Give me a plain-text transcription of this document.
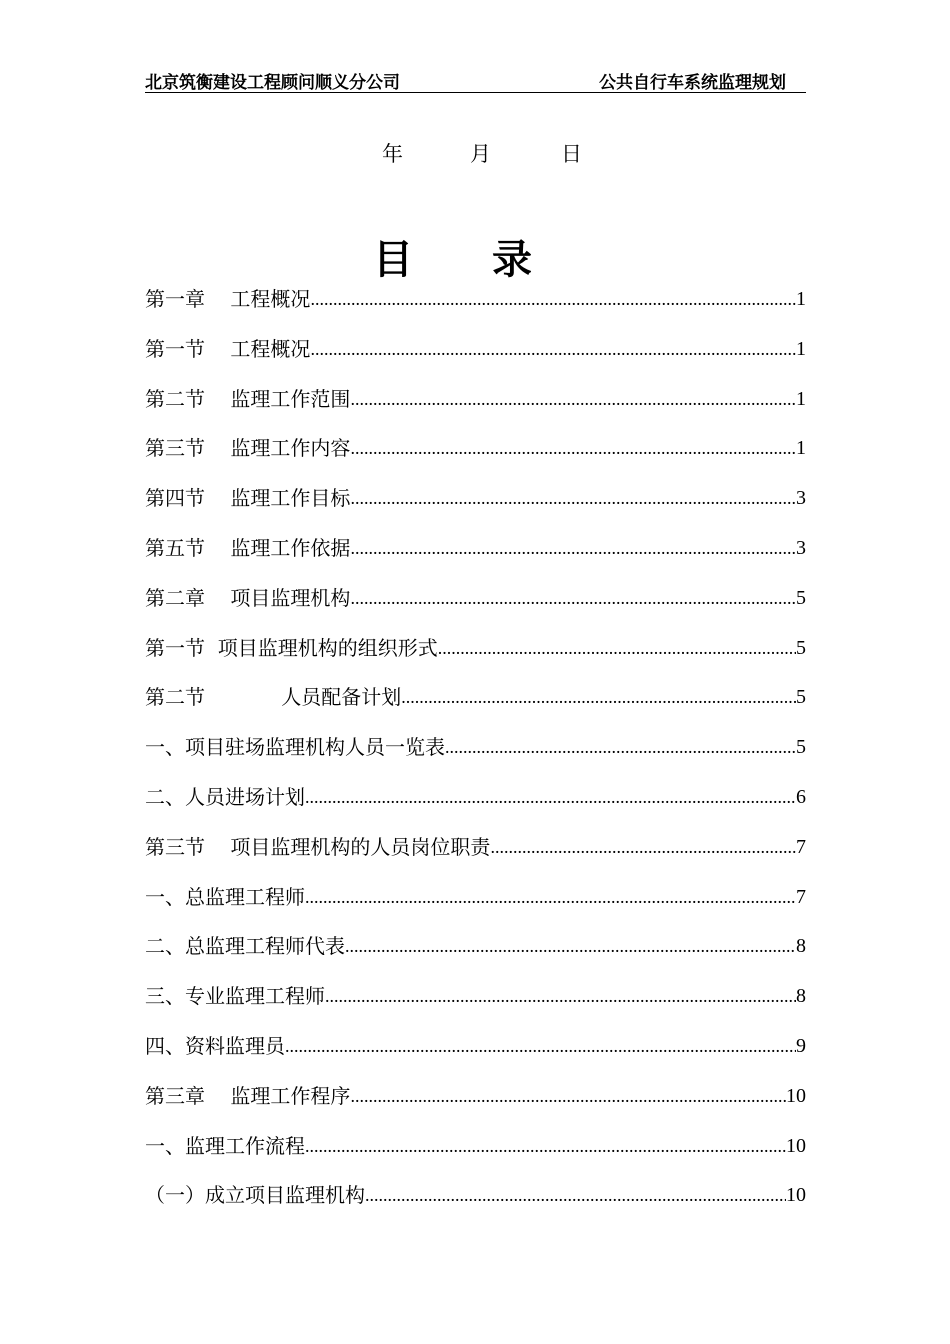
北京筑衡建设工程顾问顺义分公司	公共自行车系统监理规划
年	月	日
目 录
第一章    工程概况 .....	1
第一节    工程概况 .....	1
第二节    监理工作范围 .....	1
第三节    监理工作内容 .....	1
第四节    监理工作目标 .....	3
第五节    监理工作依据 .....	3
第二章    项目监理机构 .....	5
第一节  项目监理机构的组织形式 .....	5
第二节            人员配备计划 .....	5
一、项目驻场监理机构人员一览表 .....	5
二、人员进场计划 .....	6
第三节    项目监理机构的人员岗位职责 .....	7
一、总监理工程师 .....	7
二、总监理工程师代表 .....	8
三、专业监理工程师 .....	8
四、资料监理员 .....	9
第三章    监理工作程序 .....	10
一、监理工作流程 .....	10
（一）成立项目监理机构 .....	10
